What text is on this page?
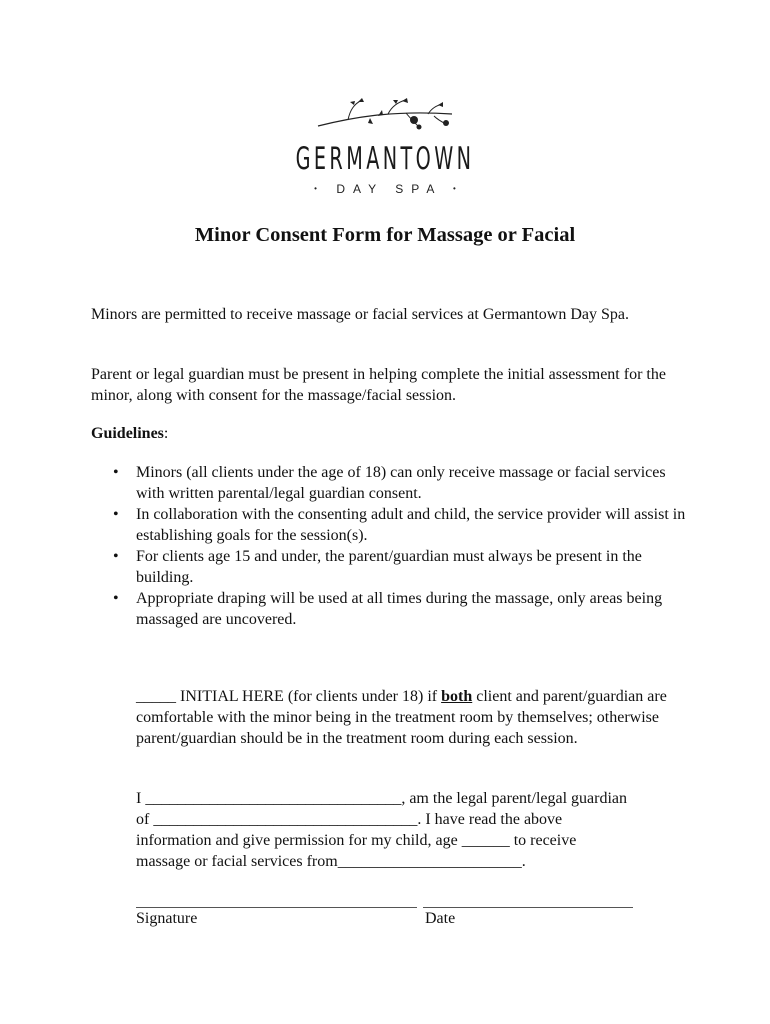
GERMANTOWN
• DAY SPA •
Minor Consent Form for Massage or Facial
Minors are permitted to receive massage or facial services at Germantown Day Spa.
Parent or legal guardian must be present in helping complete the initial assessment for the minor, along with consent for the massage/facial session.
Guidelines:
• Minors (all clients under the age of 18) can only receive massage or facial services with written parental/legal guardian consent.
• In collaboration with the consenting adult and child, the service provider will assist in establishing goals for the session(s).
• For clients age 15 and under, the parent/guardian must always be present in the building.
• Appropriate draping will be used at all times during the massage, only areas being massaged are uncovered.
_____ INITIAL HERE (for clients under 18) if both client and parent/guardian are comfortable with the minor being in the treatment room by themselves; otherwise parent/guardian should be in the treatment room during each session.
I ________________________________, am the legal parent/legal guardian
of _________________________________. I have read the above
information and give permission for my child, age ______ to receive
massage or facial services from_______________________.
Signature	Date
